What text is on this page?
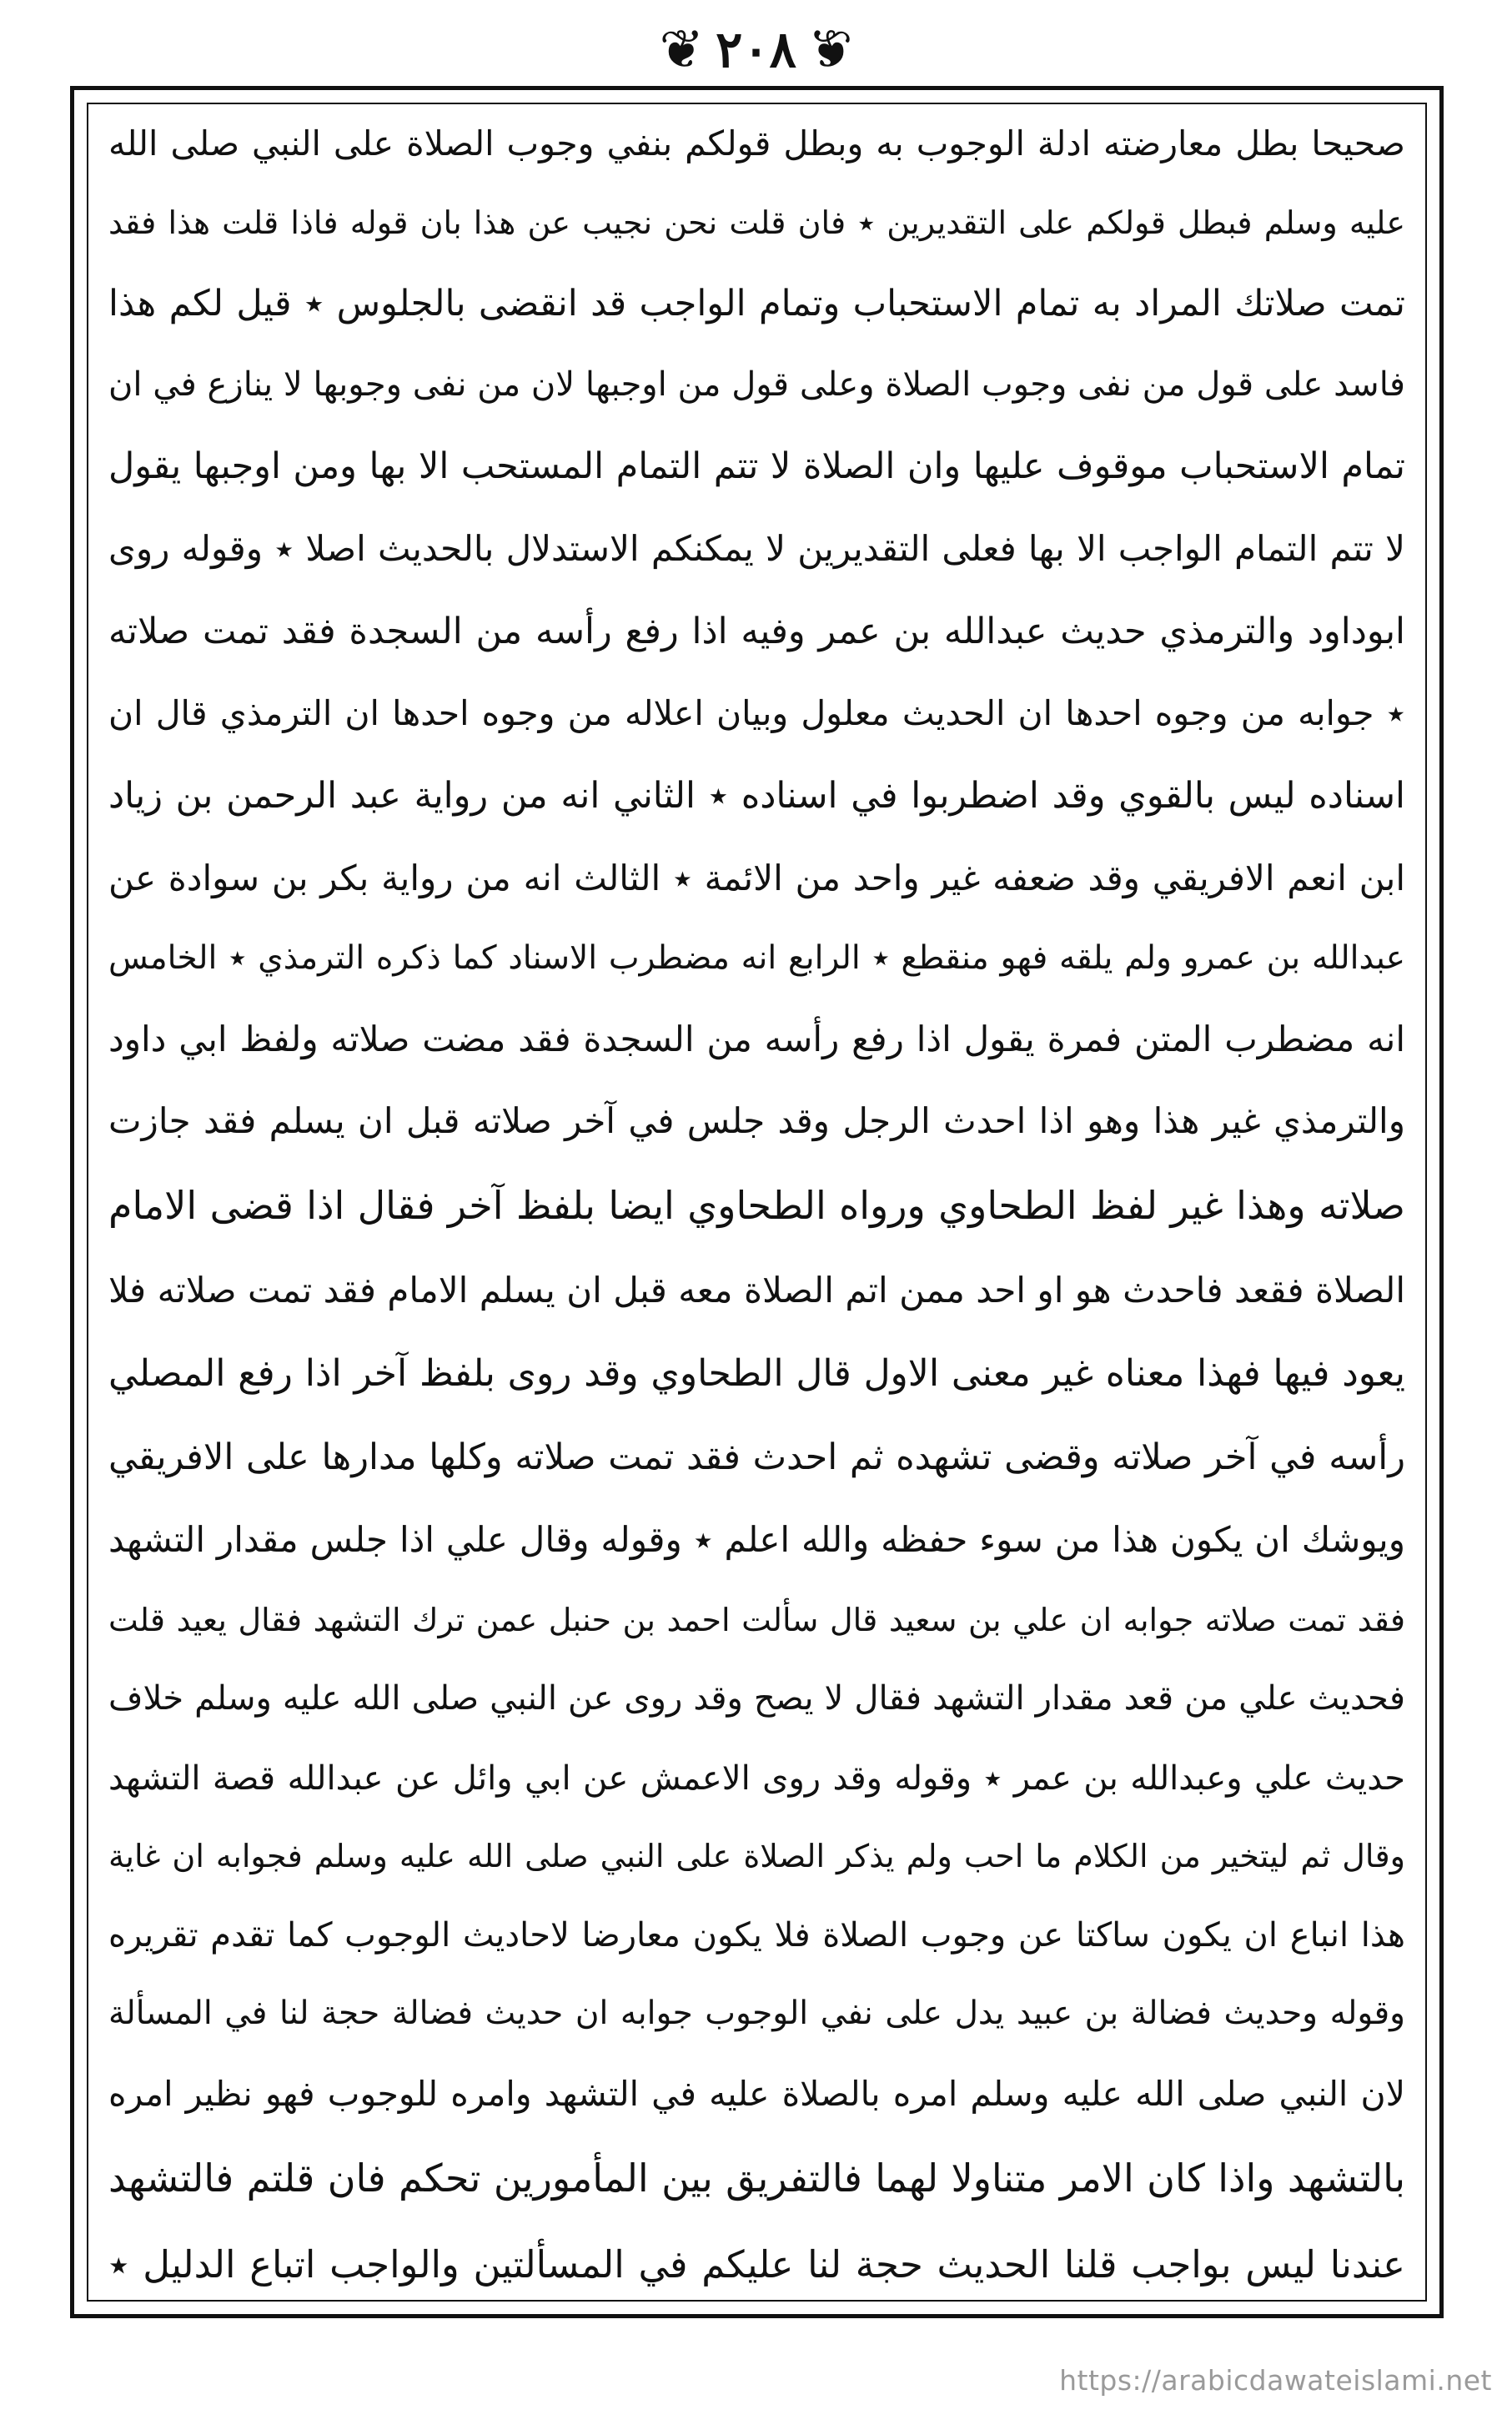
❦ ٢٠٨ ❦
صحيحا بطل معارضته ادلة الوجوب به وبطل قولكم بنفي وجوب الصلاة على النبي صلى الله
عليه وسلم فبطل قولكم على التقديرين ٭ فان قلت نحن نجيب عن هذا بان قوله فاذا قلت هذا فقد
تمت صلاتك المراد به تمام الاستحباب وتمام الواجب قد انقضى بالجلوس ٭ قيل لكم هذا
فاسد على قول من نفى وجوب الصلاة وعلى قول من اوجبها لان من نفى وجوبها لا ينازع في ان
تمام الاستحباب موقوف عليها وان الصلاة لا تتم التمام المستحب الا بها ومن اوجبها يقول
لا تتم التمام الواجب الا بها فعلى التقديرين لا يمكنكم الاستدلال بالحديث اصلا ٭ وقوله روى
ابوداود والترمذي حديث عبدالله بن عمر وفيه اذا رفع رأسه من السجدة فقد تمت صلاته
٭ جوابه من وجوه احدها ان الحديث معلول وبيان اعلاله من وجوه احدها ان الترمذي قال ان
اسناده ليس بالقوي وقد اضطربوا في اسناده ٭ الثاني انه من رواية عبد الرحمن بن زياد
ابن انعم الافريقي وقد ضعفه غير واحد من الائمة ٭ الثالث انه من رواية بكر بن سوادة عن
عبدالله بن عمرو ولم يلقه فهو منقطع ٭ الرابع انه مضطرب الاسناد كما ذكره الترمذي ٭ الخامس
انه مضطرب المتن فمرة يقول اذا رفع رأسه من السجدة فقد مضت صلاته ولفظ ابي داود
والترمذي غير هذا وهو اذا احدث الرجل وقد جلس في آخر صلاته قبل ان يسلم فقد جازت
صلاته وهذا غير لفظ الطحاوي ورواه الطحاوي ايضا بلفظ آخر فقال اذا قضى الامام
الصلاة فقعد فاحدث هو او احد ممن اتم الصلاة معه قبل ان يسلم الامام فقد تمت صلاته فلا
يعود فيها فهذا معناه غير معنى الاول قال الطحاوي وقد روى بلفظ آخر اذا رفع المصلي
رأسه في آخر صلاته وقضى تشهده ثم احدث فقد تمت صلاته وكلها مدارها على الافريقي
ويوشك ان يكون هذا من سوء حفظه والله اعلم ٭ وقوله وقال علي اذا جلس مقدار التشهد
فقد تمت صلاته جوابه ان علي بن سعيد قال سألت احمد بن حنبل عمن ترك التشهد فقال يعيد قلت
فحديث علي من قعد مقدار التشهد فقال لا يصح وقد روى عن النبي صلى الله عليه وسلم خلاف
حديث علي وعبدالله بن عمر ٭ وقوله وقد روى الاعمش عن ابي وائل عن عبدالله قصة التشهد
وقال ثم ليتخير من الكلام ما احب ولم يذكر الصلاة على النبي صلى الله عليه وسلم فجوابه ان غاية
هذا انباع ان يكون ساكتا عن وجوب الصلاة فلا يكون معارضا لاحاديث الوجوب كما تقدم تقريره
وقوله وحديث فضالة بن عبيد يدل على نفي الوجوب جوابه ان حديث فضالة حجة لنا في المسألة
لان النبي صلى الله عليه وسلم امره بالصلاة عليه في التشهد وامره للوجوب فهو نظير امره
بالتشهد واذا كان الامر متناولا لهما فالتفريق بين المأمورين تحكم فان قلتم فالتشهد
عندنا ليس بواجب قلنا الحديث حجة لنا عليكم في المسألتين والواجب اتباع الدليل ٭
https://arabicdawateislami.net
